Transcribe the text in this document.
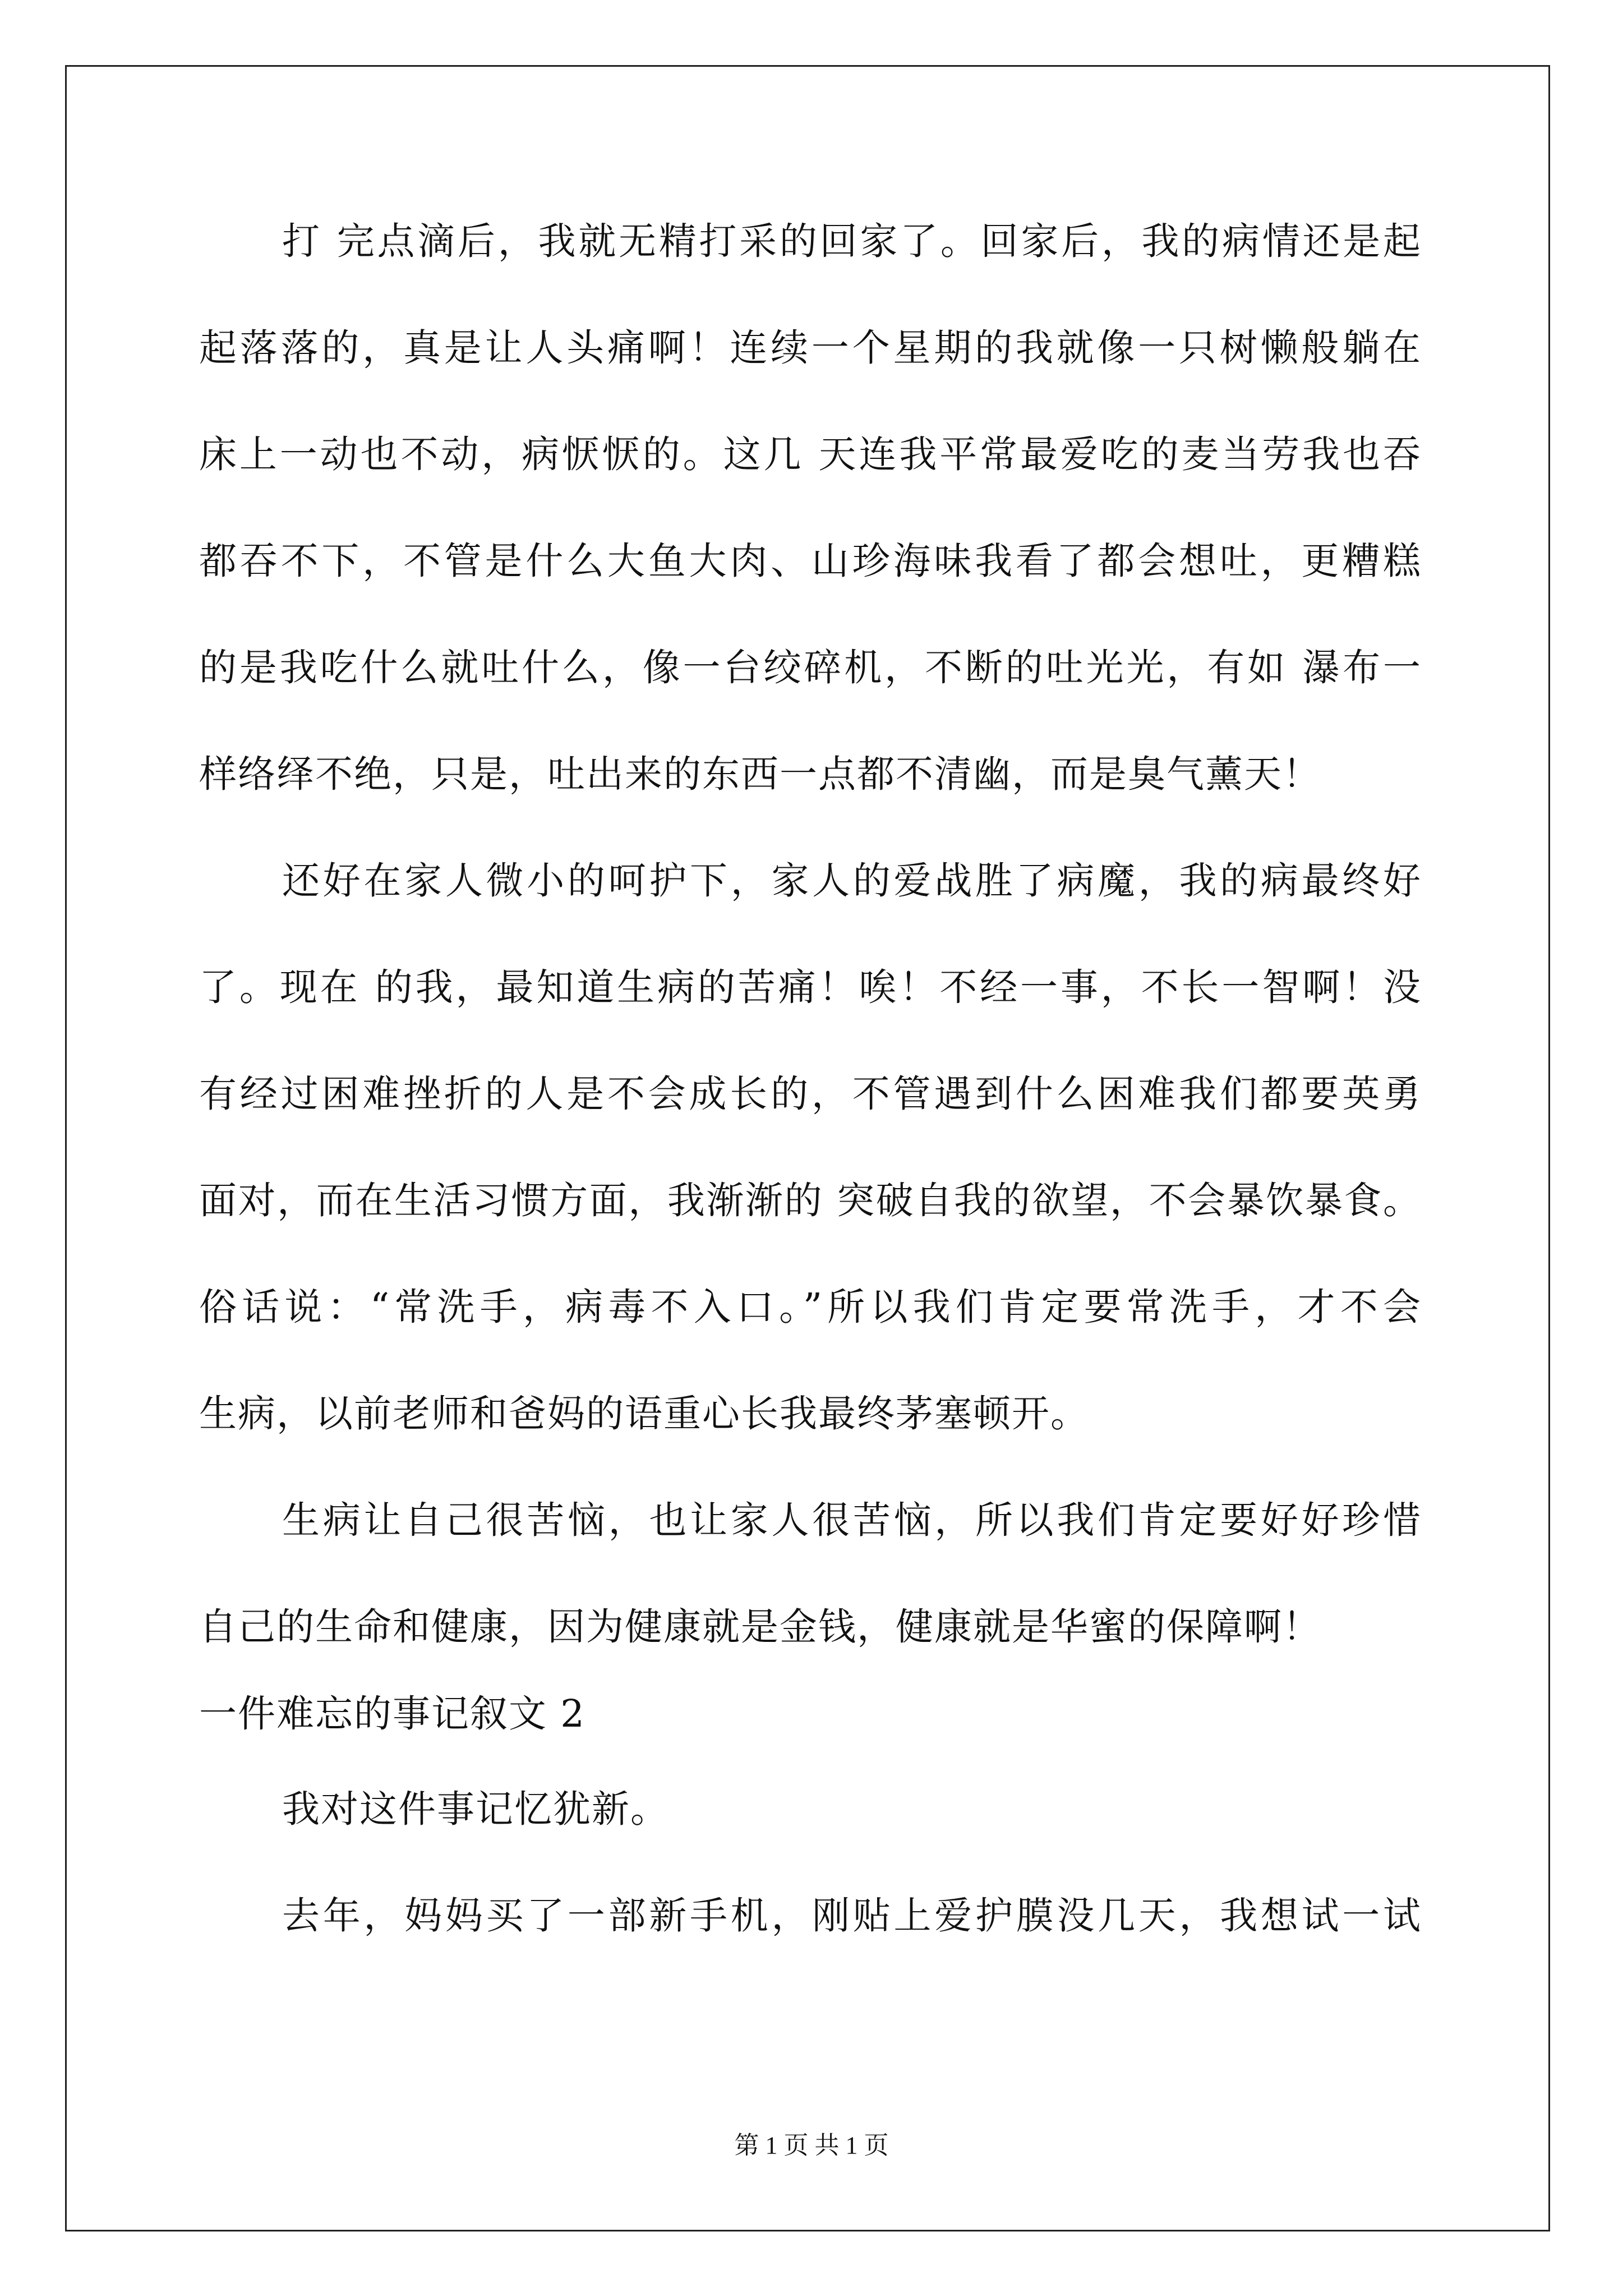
打 完点滴后，我就无精打采的回家了。回家后，我的病情还是起
起落落的，真是让人头痛啊！连续一个星期的我就像一只树懒般躺在
床上一动也不动，病恹恹的。这几 天连我平常最爱吃的麦当劳我也吞
都吞不下，不管是什么大鱼大肉、山珍海味我看了都会想吐，更糟糕
的是我吃什么就吐什么，像一台绞碎机，不断的吐光光，有如 瀑布一
样络绎不绝，只是，吐出来的东西一点都不清幽，而是臭气薰天！
还好在家人微小的呵护下，家人的爱战胜了病魔，我的病最终好
了。现在 的我，最知道生病的苦痛！唉！不经一事，不长一智啊！没
有经过困难挫折的人是不会成长的，不管遇到什么困难我们都要英勇
面对，而在生活习惯方面，我渐渐的 突破自我的欲望，不会暴饮暴食。
俗话说：“常洗手，病毒不入口。”所以我们肯定要常洗手，才不会
生病，以前老师和爸妈的语重心长我最终茅塞顿开。
生病让自己很苦恼，也让家人很苦恼，所以我们肯定要好好珍惜
自己的生命和健康，因为健康就是金钱，健康就是华蜜的保障啊！
一件难忘的事记叙文 2
我对这件事记忆犹新。
去年，妈妈买了一部新手机，刚贴上爱护膜没几天，我想试一试
第 1 页 共 1 页
